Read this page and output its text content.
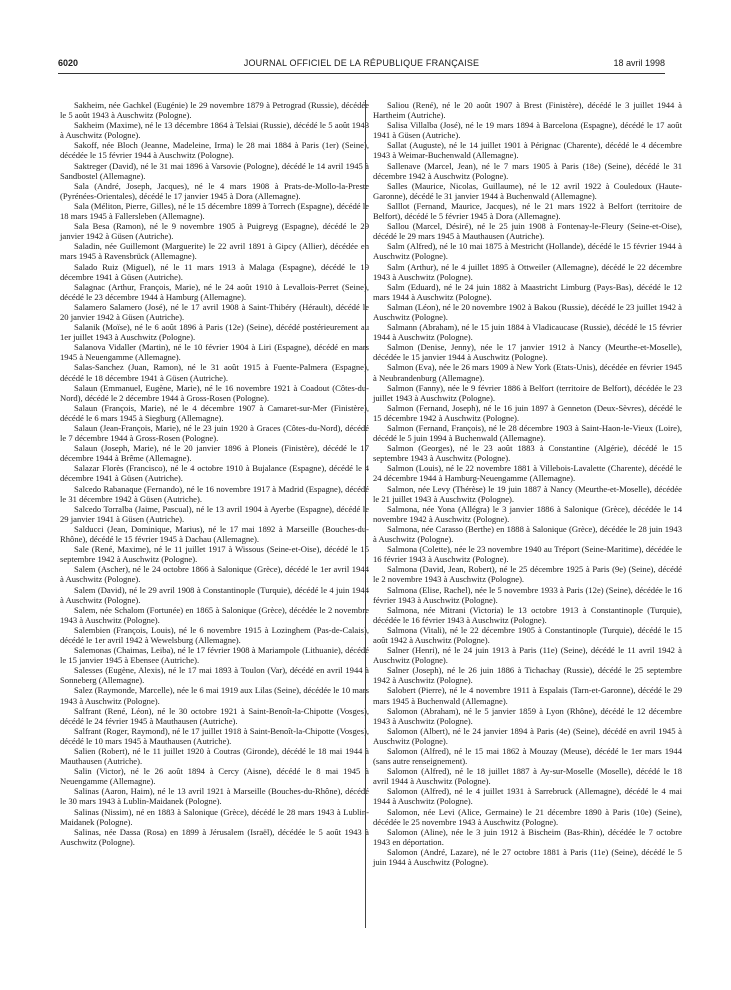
6020	JOURNAL OFFICIEL DE LA RÉPUBLIQUE FRANÇAISE	18 avril 1998

Sakheim, née Gachkel (Eugénie) le 29 novembre 1879 à Petrograd (Russie), décédée le 5 août 1943 à Auschwitz (Pologne).

Sakheim (Maxime), né le 13 décembre 1864 à Telsiai (Russie), décédé le 5 août 1943 à Auschwitz (Pologne).

Sakoff, née Bloch (Jeanne, Madeleine, Irma) le 28 mai 1884 à Paris (1er) (Seine), décédée le 15 février 1944 à Auschwitz (Pologne).

Saktreger (David), né le 31 mai 1896 à Varsovie (Pologne), décédé le 14 avril 1945 à Sandbostel (Allemagne).

Sala (André, Joseph, Jacques), né le 4 mars 1908 à Prats-de-Mollo-la-Preste (Pyrénées-Orientales), décédé le 17 janvier 1945 à Dora (Allemagne).

Sala (Méliton, Pierre, Gilles), né le 15 décembre 1899 à Torrech (Espagne), décédé le 18 mars 1945 à Fallersleben (Allemagne).

Sala Besa (Ramon), né le 9 novembre 1905 à Puigreyg (Espagne), décédé le 29 janvier 1942 à Güsen (Autriche).

Saladin, née Guillemont (Marguerite) le 22 avril 1891 à Gipcy (Allier), décédée en mars 1945 à Ravensbrück (Allemagne).

Salado Ruiz (Miguel), né le 11 mars 1913 à Malaga (Espagne), décédé le 19 décembre 1941 à Güsen (Autriche).

Salagnac (Arthur, François, Marie), né le 24 août 1910 à Levallois-Perret (Seine), décédé le 23 décembre 1944 à Hamburg (Allemagne).

Salamero Salamero (José), né le 17 avril 1908 à Saint-Thibéry (Hérault), décédé le 20 janvier 1942 à Güsen (Autriche).

Salanik (Moïse), né le 6 août 1896 à Paris (12e) (Seine), décédé postérieurement au 1er juillet 1943 à Auschwitz (Pologne).

Salanova Vidaller (Martin), né le 10 février 1904 à Liri (Espagne), décédé en mars 1945 à Neuengamme (Allemagne).

Salas-Sanchez (Juan, Ramon), né le 31 août 1915 à Fuente-Palmera (Espagne), décédé le 18 décembre 1941 à Güsen (Autriche).

Salaun (Emmanuel, Eugène, Marie), né le 16 novembre 1921 à Coadout (Côtes-du-Nord), décédé le 2 décembre 1944 à Gross-Rosen (Pologne).

Salaun (François, Marie), né le 4 décembre 1907 à Camaret-sur-Mer (Finistère), décédé le 6 mars 1945 à Siegburg (Allemagne).

Salaun (Jean-François, Marie), né le 23 juin 1920 à Graces (Côtes-du-Nord), décédé le 7 décembre 1944 à Gross-Rosen (Pologne).

Salaun (Joseph, Marie), né le 20 janvier 1896 à Ploneis (Finistère), décédé le 17 décembre 1944 à Brême (Allemagne).

Salazar Florès (Francisco), né le 4 octobre 1910 à Bujalance (Espagne), décédé le 4 décembre 1941 à Güsen (Autriche).

Salcedo Rabanaque (Fernando), né le 16 novembre 1917 à Madrid (Espagne), décédé le 31 décembre 1942 à Güsen (Autriche).

Salcedo Torralba (Jaime, Pascual), né le 13 avril 1904 à Ayerbe (Espagne), décédé le 29 janvier 1941 à Güsen (Autriche).

Salducci (Jean, Dominique, Marius), né le 17 mai 1892 à Marseille (Bouches-du-Rhône), décédé le 15 février 1945 à Dachau (Allemagne).

Sale (René, Maxime), né le 11 juillet 1917 à Wissous (Seine-et-Oise), décédé le 15 septembre 1942 à Auschwitz (Pologne).

Salem (Ascher), né le 24 octobre 1866 à Salonique (Grèce), décédé le 1er avril 1944 à Auschwitz (Pologne).

Salem (David), né le 29 avril 1908 à Constantinople (Turquie), décédé le 4 juin 1944 à Auschwitz (Pologne).

Salem, née Schalom (Fortunée) en 1865 à Salonique (Grèce), décédée le 2 novembre 1943 à Auschwitz (Pologne).

Salembien (François, Louis), né le 6 novembre 1915 à Lozinghem (Pas-de-Calais), décédé le 1er avril 1942 à Wewelsburg (Allemagne).

Salemonas (Chaimas, Leiba), né le 17 février 1908 à Mariampole (Lithuanie), décédé le 15 janvier 1945 à Ebensee (Autriche).

Salesses (Eugène, Alexis), né le 17 mai 1893 à Toulon (Var), décédé en avril 1944 à Sonneberg (Allemagne).

Salez (Raymonde, Marcelle), née le 6 mai 1919 aux Lilas (Seine), décédée le 10 mars 1943 à Auschwitz (Pologne).

Salfrant (René, Léon), né le 30 octobre 1921 à Saint-Benoît-la-Chipotte (Vosges), décédé le 24 février 1945 à Mauthausen (Autriche).

Salfrant (Roger, Raymond), né le 17 juillet 1918 à Saint-Benoît-la-Chipotte (Vosges), décédé le 10 mars 1945 à Mauthausen (Autriche).

Salien (Robert), né le 11 juillet 1920 à Coutras (Gironde), décédé le 18 mai 1944 à Mauthausen (Autriche).

Salin (Victor), né le 26 août 1894 à Cercy (Aisne), décédé le 8 mai 1945 à Neuengamme (Allemagne).

Salinas (Aaron, Haim), né le 13 avril 1921 à Marseille (Bouches-du-Rhône), décédé le 30 mars 1943 à Lublin-Maidanek (Pologne).

Salinas (Nissim), né en 1883 à Salonique (Grèce), décédé le 28 mars 1943 à Lublin-Maidanek (Pologne).

Salinas, née Dassa (Rosa) en 1899 à Jérusalem (Israël), décédée le 5 août 1943 à Auschwitz (Pologne).

Saliou (René), né le 20 août 1907 à Brest (Finistère), décédé le 3 juillet 1944 à Hartheim (Autriche).

Salisa Villalba (José), né le 19 mars 1894 à Barcelona (Espagne), décédé le 17 août 1941 à Güsen (Autriche).

Sallat (Auguste), né le 14 juillet 1901 à Pérignac (Charente), décédé le 4 décembre 1943 à Weimar-Buchenwald (Allemagne).

Sallenave (Marcel, Jean), né le 7 mars 1905 à Paris (18e) (Seine), décédé le 31 décembre 1942 à Auschwitz (Pologne).

Salles (Maurice, Nicolas, Guillaume), né le 12 avril 1922 à Couledoux (Haute-Garonne), décédé le 31 janvier 1944 à Buchenwald (Allemagne).

Salllot (Fernand, Maurice, Jacques), né le 21 mars 1922 à Belfort (territoire de Belfort), décédé le 5 février 1945 à Dora (Allemagne).

Sallou (Marcel, Désiré), né le 25 juin 1908 à Fontenay-le-Fleury (Seine-et-Oise), décédé le 29 mars 1945 à Mauthausen (Autriche).

Salm (Alfred), né le 10 mai 1875 à Mestricht (Hollande), décédé le 15 février 1944 à Auschwitz (Pologne).

Salm (Arthur), né le 4 juillet 1895 à Ottweiler (Allemagne), décédé le 22 décembre 1943 à Auschwitz (Pologne).

Salm (Eduard), né le 24 juin 1882 à Maastricht Limburg (Pays-Bas), décédé le 12 mars 1944 à Auschwitz (Pologne).

Salman (Léon), né le 20 novembre 1902 à Bakou (Russie), décédé le 23 juillet 1942 à Auschwitz (Pologne).

Salmann (Abraham), né le 15 juin 1884 à Vladicaucase (Russie), décédé le 15 février 1944 à Auschwitz (Pologne).

Salmon (Denise, Jenny), née le 17 janvier 1912 à Nancy (Meurthe-et-Moselle), décédée le 15 janvier 1944 à Auschwitz (Pologne).

Salmon (Eva), née le 26 mars 1909 à New York (Etats-Unis), décédée en février 1945 à Neubrandenburg (Allemagne).

Salmon (Fanny), née le 9 février 1886 à Belfort (territoire de Belfort), décédée le 23 juillet 1943 à Auschwitz (Pologne).

Salmon (Fernand, Joseph), né le 16 juin 1897 à Genneton (Deux-Sèvres), décédé le 15 décembre 1942 à Auschwitz (Pologne).

Salmon (Fernand, François), né le 28 décembre 1903 à Saint-Haon-le-Vieux (Loire), décédé le 5 juin 1994 à Buchenwald (Allemagne).

Salmon (Georges), né le 23 août 1883 à Constantine (Algérie), décédé le 15 septembre 1943 à Auschwitz (Pologne).

Salmon (Louis), né le 22 novembre 1881 à Villebois-Lavalette (Charente), décédé le 24 décembre 1944 à Hamburg-Neuengamme (Allemagne).

Salmon, née Levy (Thérèse) le 19 juin 1887 à Nancy (Meurthe-et-Moselle), décédée le 21 juillet 1943 à Auschwitz (Pologne).

Salmona, née Yona (Allégra) le 3 janvier 1886 à Salonique (Grèce), décédée le 14 novembre 1942 à Auschwitz (Pologne).

Salmona, née Carasso (Berthe) en 1888 à Salonique (Grèce), décédée le 28 juin 1943 à Auschwitz (Pologne).

Salmona (Colette), née le 23 novembre 1940 au Tréport (Seine-Maritime), décédée le 16 février 1943 à Auschwitz (Pologne).

Salmona (David, Jean, Robert), né le 25 décembre 1925 à Paris (9e) (Seine), décédé le 2 novembre 1943 à Auschwitz (Pologne).

Salmona (Elise, Rachel), née le 5 novembre 1933 à Paris (12e) (Seine), décédée le 16 février 1943 à Auschwitz (Pologne).

Salmona, née Mitrani (Victoria) le 13 octobre 1913 à Constantinople (Turquie), décédée le 16 février 1943 à Auschwitz (Pologne).

Salmona (Vitali), né le 22 décembre 1905 à Constantinople (Turquie), décédé le 15 août 1942 à Auschwitz (Pologne).

Salner (Henri), né le 24 juin 1913 à Paris (11e) (Seine), décédé le 11 avril 1942 à Auschwitz (Pologne).

Salner (Joseph), né le 26 juin 1886 à Tichachay (Russie), décédé le 25 septembre 1942 à Auschwitz (Pologne).

Salobert (Pierre), né le 4 novembre 1911 à Espalais (Tarn-et-Garonne), décédé le 29 mars 1945 à Buchenwald (Allemagne).

Salomon (Abraham), né le 5 janvier 1859 à Lyon (Rhône), décédé le 12 décembre 1943 à Auschwitz (Pologne).

Salomon (Albert), né le 24 janvier 1894 à Paris (4e) (Seine), décédé en avril 1945 à Auschwitz (Pologne).

Salomon (Alfred), né le 15 mai 1862 à Mouzay (Meuse), décédé le 1er mars 1944 (sans autre renseignement).

Salomon (Alfred), né le 18 juillet 1887 à Ay-sur-Moselle (Moselle), décédé le 18 avril 1944 à Auschwitz (Pologne).

Salomon (Alfred), né le 4 juillet 1931 à Sarrebruck (Allemagne), décédé le 4 mai 1944 à Auschwitz (Pologne).

Salomon, née Levi (Alice, Germaine) le 21 décembre 1890 à Paris (10e) (Seine), décédée le 25 novembre 1943 à Auschwitz (Pologne).

Salomon (Aline), née le 3 juin 1912 à Bischeim (Bas-Rhin), décédée le 7 octobre 1943 en déportation.

Salomon (André, Lazare), né le 27 octobre 1881 à Paris (11e) (Seine), décédé le 5 juin 1944 à Auschwitz (Pologne).
